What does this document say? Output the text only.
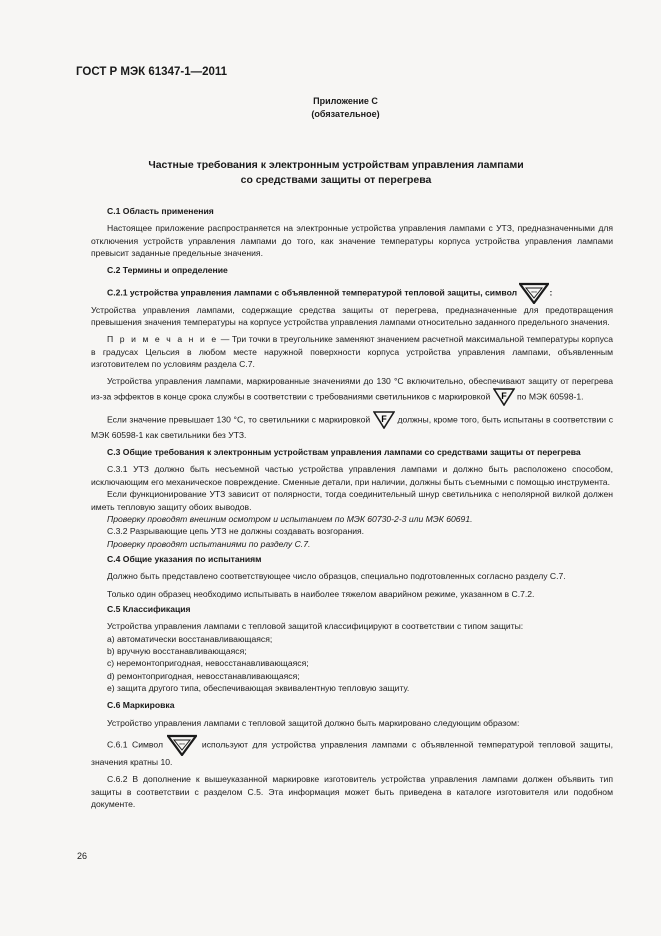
ГОСТ Р МЭК 61347-1—2011
Приложение С
(обязательное)
Частные требования к электронным устройствам управления лампами
со средствами защиты от перегрева

С.1 Область применения

Настоящее приложение распространяется на электронные устройства управления лампами с УТЗ, предназначенными для отключения устройств управления лампами до того, как значение температуры корпуса устройства управления лампами превысит заданные предельные значения.

С.2 Термины и определение

С.2.1 устройства управления лампами с объявленной температурой тепловой защиты, символ ... :

Устройства управления лампами, содержащие средства защиты от перегрева, предназначенные для предотвращения превышения значения температуры на корпусе устройства управления лампами относительно заданного предельного значения.

П р и м е ч а н и е — Три точки в треугольнике заменяют значением расчетной максимальной температуры корпуса в градусах Цельсия в любом месте наружной поверхности корпуса устройства управления лампами, объявленным изготовителем по условиям раздела С.7.

Устройства управления лампами, маркированные значениями до 130 °С включительно, обеспечивают защиту от перегрева из-за эффектов в конце срока службы в соответствии с требованиями светильников с маркировкой F по МЭК 60598-1.

Если значение превышает 130 °С, то светильники с маркировкой F должны, кроме того, быть испытаны в соответствии с МЭК 60598-1 как светильники без УТЗ.

С.3 Общие требования к электронным устройствам управления лампами со средствами защиты от перегрева

С.3.1 УТЗ должно быть несъемной частью устройства управления лампами и должно быть расположено способом, исключающим его механическое повреждение. Сменные детали, при наличии, должны быть съемными с помощью инструмента.

Если функционирование УТЗ зависит от полярности, тогда соединительный шнур светильника с неполярной вилкой должен иметь тепловую защиту обоих выводов.

Проверку проводят внешним осмотром и испытанием по МЭК 60730-2-3 или МЭК 60691.

С.3.2 Разрывающие цепь УТЗ не должны создавать возгорания.

Проверку проводят испытаниями по разделу С.7.

С.4 Общие указания по испытаниям

Должно быть представлено соответствующее число образцов, специально подготовленных согласно разделу С.7.

Только один образец необходимо испытывать в наиболее тяжелом аварийном режиме, указанном в С.7.2.

С.5 Классификация

Устройства управления лампами с тепловой защитой классифицируют в соответствии с типом защиты:

a) автоматически восстанавливающаяся;

b) вручную восстанавливающаяся;

c) неремонтопригодная, невосстанавливающаяся;

d) ремонтопригодная, невосстанавливающаяся;

e) защита другого типа, обеспечивающая эквивалентную тепловую защиту.

С.6 Маркировка

Устройство управления лампами с тепловой защитой должно быть маркировано следующим образом:

С.6.1 Символ ... используют для устройства управления лампами с объявленной температурой тепловой защиты, значения кратны 10.

С.6.2 В дополнение к вышеуказанной маркировке изготовитель устройства управления лампами должен объявить тип защиты в соответствии с разделом С.5. Эта информация может быть приведена в каталоге изготовителя или подобном документе.

26
